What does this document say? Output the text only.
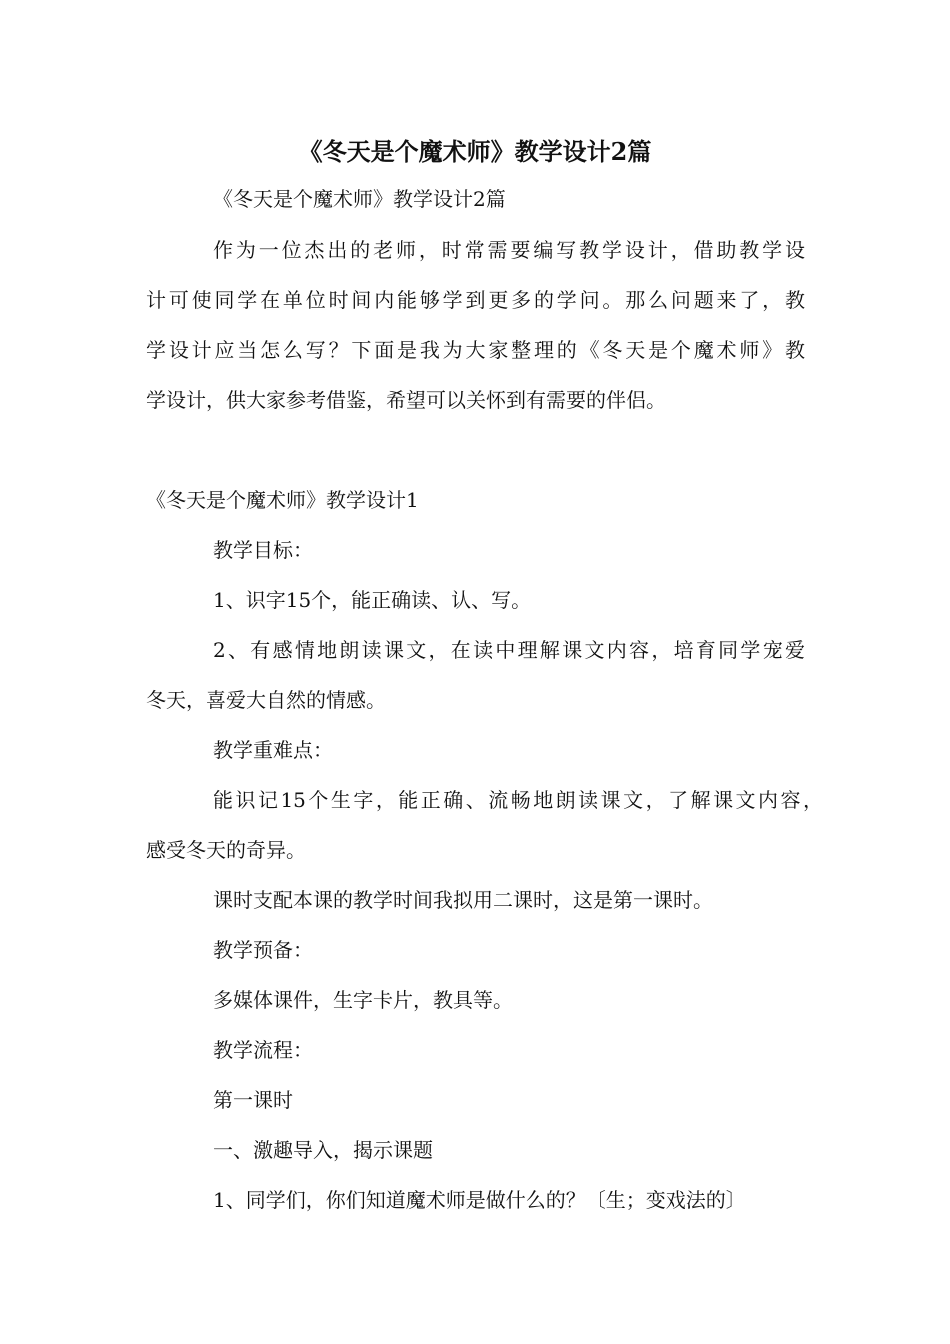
《冬天是个魔术师》教学设计2篇

《冬天是个魔术师》教学设计2篇

作为一位杰出的老师，时常需要编写教学设计，借助教学设

计可使同学在单位时间内能够学到更多的学问。那么问题来了，教

学设计应当怎么写？下面是我为大家整理的《冬天是个魔术师》教

学设计，供大家参考借鉴，希望可以关怀到有需要的伴侣。

《冬天是个魔术师》教学设计1

教学目标：

1、识字15个，能正确读、认、写。

2、有感情地朗读课文，在读中理解课文内容，培育同学宠爱

冬天，喜爱大自然的情感。

教学重难点：

能识记15个生字，能正确、流畅地朗读课文，了解课文内容，

感受冬天的奇异。

课时支配本课的教学时间我拟用二课时，这是第一课时。

教学预备：

多媒体课件，生字卡片，教具等。

教学流程：

第一课时

一、激趣导入，揭示课题

1、同学们，你们知道魔术师是做什么的？〔生；变戏法的〕
